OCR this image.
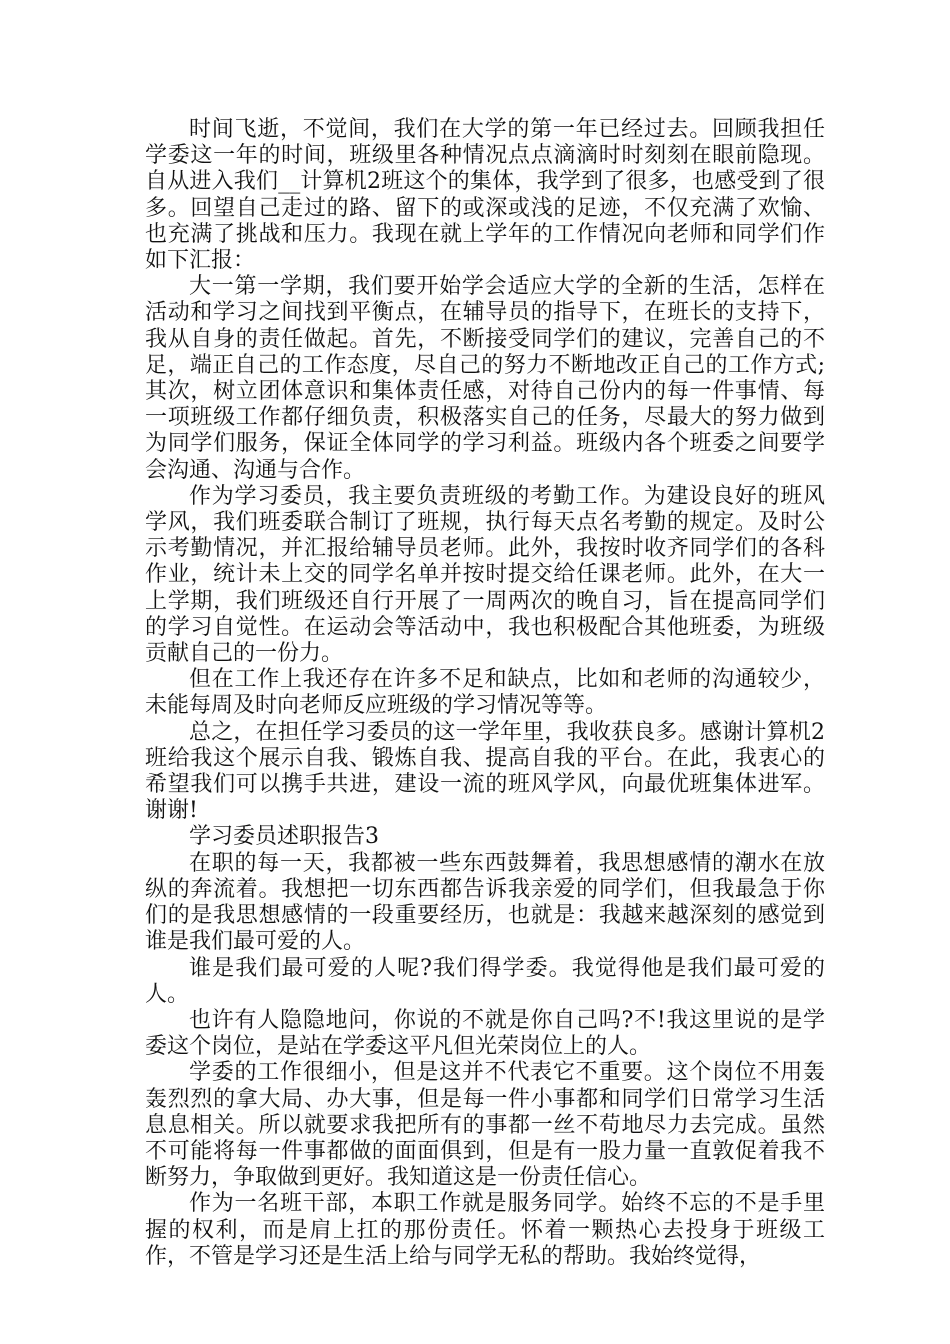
时间飞逝，不觉间，我们在大学的第一年已经过去。回顾我担任学委这一年的时间，班级里各种情况点点滴滴时时刻刻在眼前隐现。自从进入我们__计算机2班这个的集体，我学到了很多，也感受到了很多。回望自己走过的路、留下的或深或浅的足迹，不仅充满了欢愉、也充满了挑战和压力。我现在就上学年的工作情况向老师和同学们作如下汇报：

大一第一学期，我们要开始学会适应大学的全新的生活，怎样在活动和学习之间找到平衡点，在辅导员的指导下，在班长的支持下，我从自身的责任做起。首先，不断接受同学们的建议，完善自己的不足，端正自己的工作态度，尽自己的努力不断地改正自己的工作方式;其次，树立团体意识和集体责任感，对待自己份内的每一件事情、每一项班级工作都仔细负责，积极落实自己的任务，尽最大的努力做到为同学们服务，保证全体同学的学习利益。班级内各个班委之间要学会沟通、沟通与合作。

作为学习委员，我主要负责班级的考勤工作。为建设良好的班风学风，我们班委联合制订了班规，执行每天点名考勤的规定。及时公示考勤情况，并汇报给辅导员老师。此外，我按时收齐同学们的各科作业，统计未上交的同学名单并按时提交给任课老师。此外，在大一上学期，我们班级还自行开展了一周两次的晚自习，旨在提高同学们的学习自觉性。在运动会等活动中，我也积极配合其他班委，为班级贡献自己的一份力。

但在工作上我还存在许多不足和缺点，比如和老师的沟通较少，未能每周及时向老师反应班级的学习情况等等。

总之，在担任学习委员的这一学年里，我收获良多。感谢计算机2班给我这个展示自我、锻炼自我、提高自我的平台。在此，我衷心的希望我们可以携手共进，建设一流的班风学风，向最优班集体进军。谢谢!

学习委员述职报告3

在职的每一天，我都被一些东西鼓舞着，我思想感情的潮水在放纵的奔流着。我想把一切东西都告诉我亲爱的同学们，但我最急于你们的是我思想感情的一段重要经历，也就是：我越来越深刻的感觉到谁是我们最可爱的人。

谁是我们最可爱的人呢?我们得学委。我觉得他是我们最可爱的人。

也许有人隐隐地问，你说的不就是你自己吗?不!我这里说的是学委这个岗位，是站在学委这平凡但光荣岗位上的人。

学委的工作很细小，但是这并不代表它不重要。这个岗位不用轰轰烈烈的拿大局、办大事，但是每一件小事都和同学们日常学习生活息息相关。所以就要求我把所有的事都一丝不苟地尽力去完成。虽然不可能将每一件事都做的面面俱到，但是有一股力量一直敦促着我不断努力，争取做到更好。我知道这是一份责任信心。

作为一名班干部，本职工作就是服务同学。始终不忘的不是手里握的权利，而是肩上扛的那份责任。怀着一颗热心去投身于班级工作，不管是学习还是生活上给与同学无私的帮助。我始终觉得，
